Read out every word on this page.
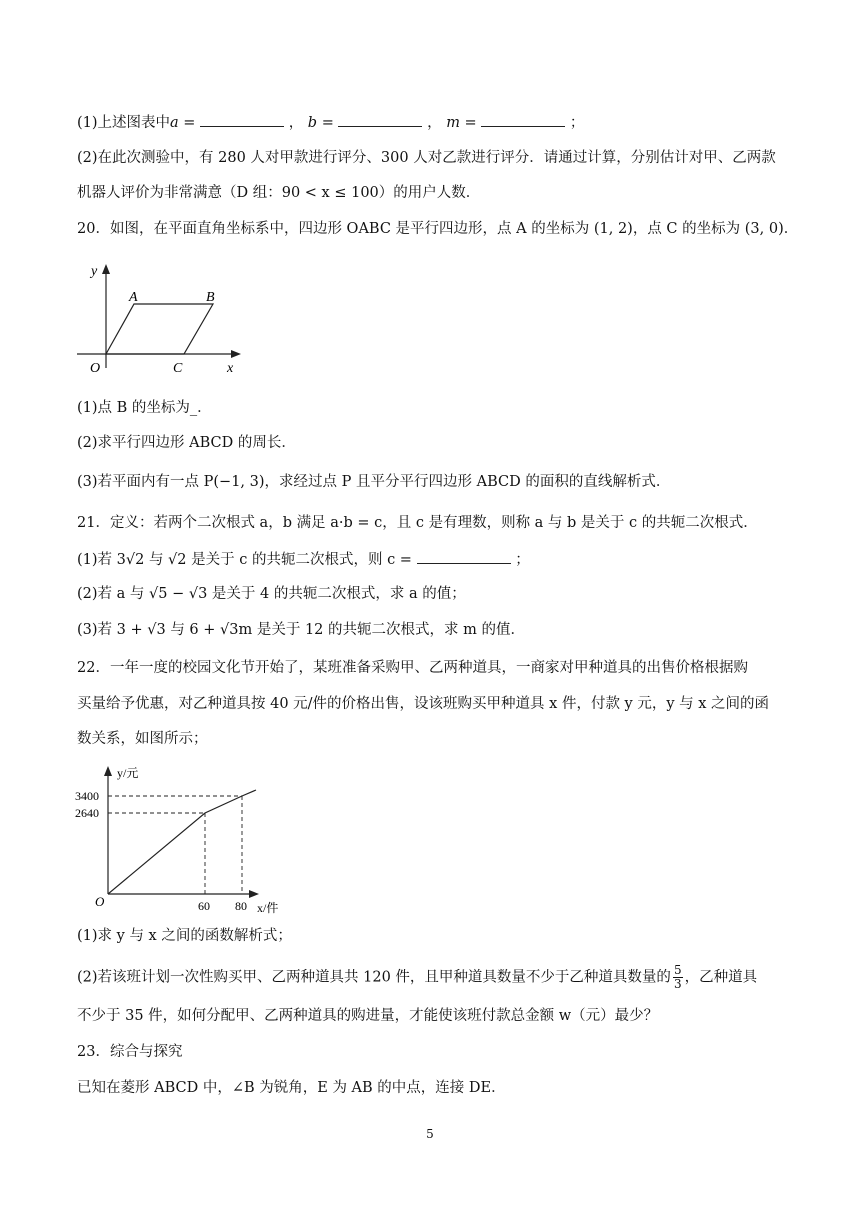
(1)上述图表中a =	， b =	， m =	；
(2)在此次测验中，有 280 人对甲款进行评分、300 人对乙款进行评分．请通过计算，分别估计对甲、乙两款
机器人评价为非常满意（D 组：90 < x ≤ 100）的用户人数．
20．如图，在平面直角坐标系中，四边形 OABC 是平行四边形，点 A 的坐标为 (1, 2)，点 C 的坐标为 (3, 0)．
y
x
A	B
O	C
(1)点 B 的坐标为_．
(2)求平行四边形 ABCD 的周长．
(3)若平面内有一点 P(−1, 3)，求经过点 P 且平分平行四边形 ABCD 的面积的直线解析式．
21．定义：若两个二次根式 a，b 满足 a·b = c，且 c 是有理数，则称 a 与 b 是关于 c 的共轭二次根式．
(1)若 3√2 与 √2 是关于 c 的共轭二次根式，则 c =	；
(2)若 a 与 √5 − √3 是关于 4 的共轭二次根式，求 a 的值；
(3)若 3 + √3 与 6 + √3m 是关于 12 的共轭二次根式，求 m 的值．
22．一年一度的校园文化节开始了，某班准备采购甲、乙两种道具，一商家对甲种道具的出售价格根据购
买量给予优惠，对乙种道具按 40 元/件的价格出售，设该班购买甲种道具 x 件，付款 y 元，y 与 x 之间的函
数关系，如图所示；
y/元
x/件
3400
2640
60 80
O
(1)求 y 与 x 之间的函数解析式；
(2)若该班计划一次性购买甲、乙两种道具共 120 件，且甲种道具数量不少于乙种道具数量的 $\frac{5}{3}$ ，乙种道具
不少于 35 件，如何分配甲、乙两种道具的购进量，才能使该班付款总金额 w（元）最少？
23．综合与探究
已知在菱形 ABCD 中，∠B 为锐角，E 为 AB 的中点，连接 DE．
5
